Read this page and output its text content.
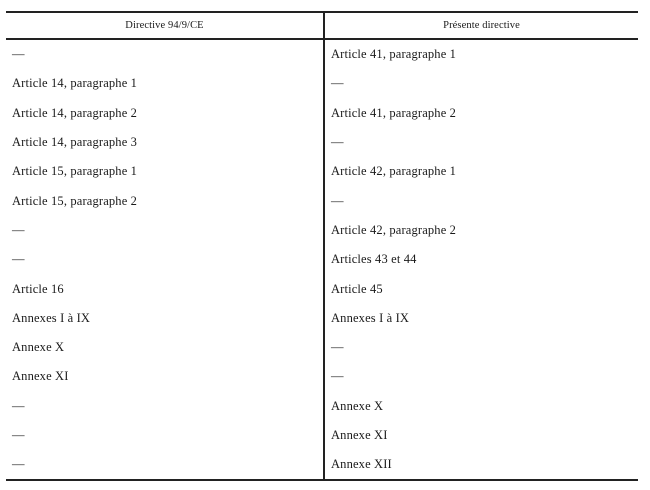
Directive 94/9/CE	Présente directive
—	Article 41, paragraphe 1
Article 14, paragraphe 1	—
Article 14, paragraphe 2	Article 41, paragraphe 2
Article 14, paragraphe 3	—
Article 15, paragraphe 1	Article 42, paragraphe 1
Article 15, paragraphe 2	—
—	Article 42, paragraphe 2
—	Articles 43 et 44
Article 16	Article 45
Annexes I à IX	Annexes I à IX
Annexe X	—
Annexe XI	—
—	Annexe X
—	Annexe XI
—	Annexe XII
